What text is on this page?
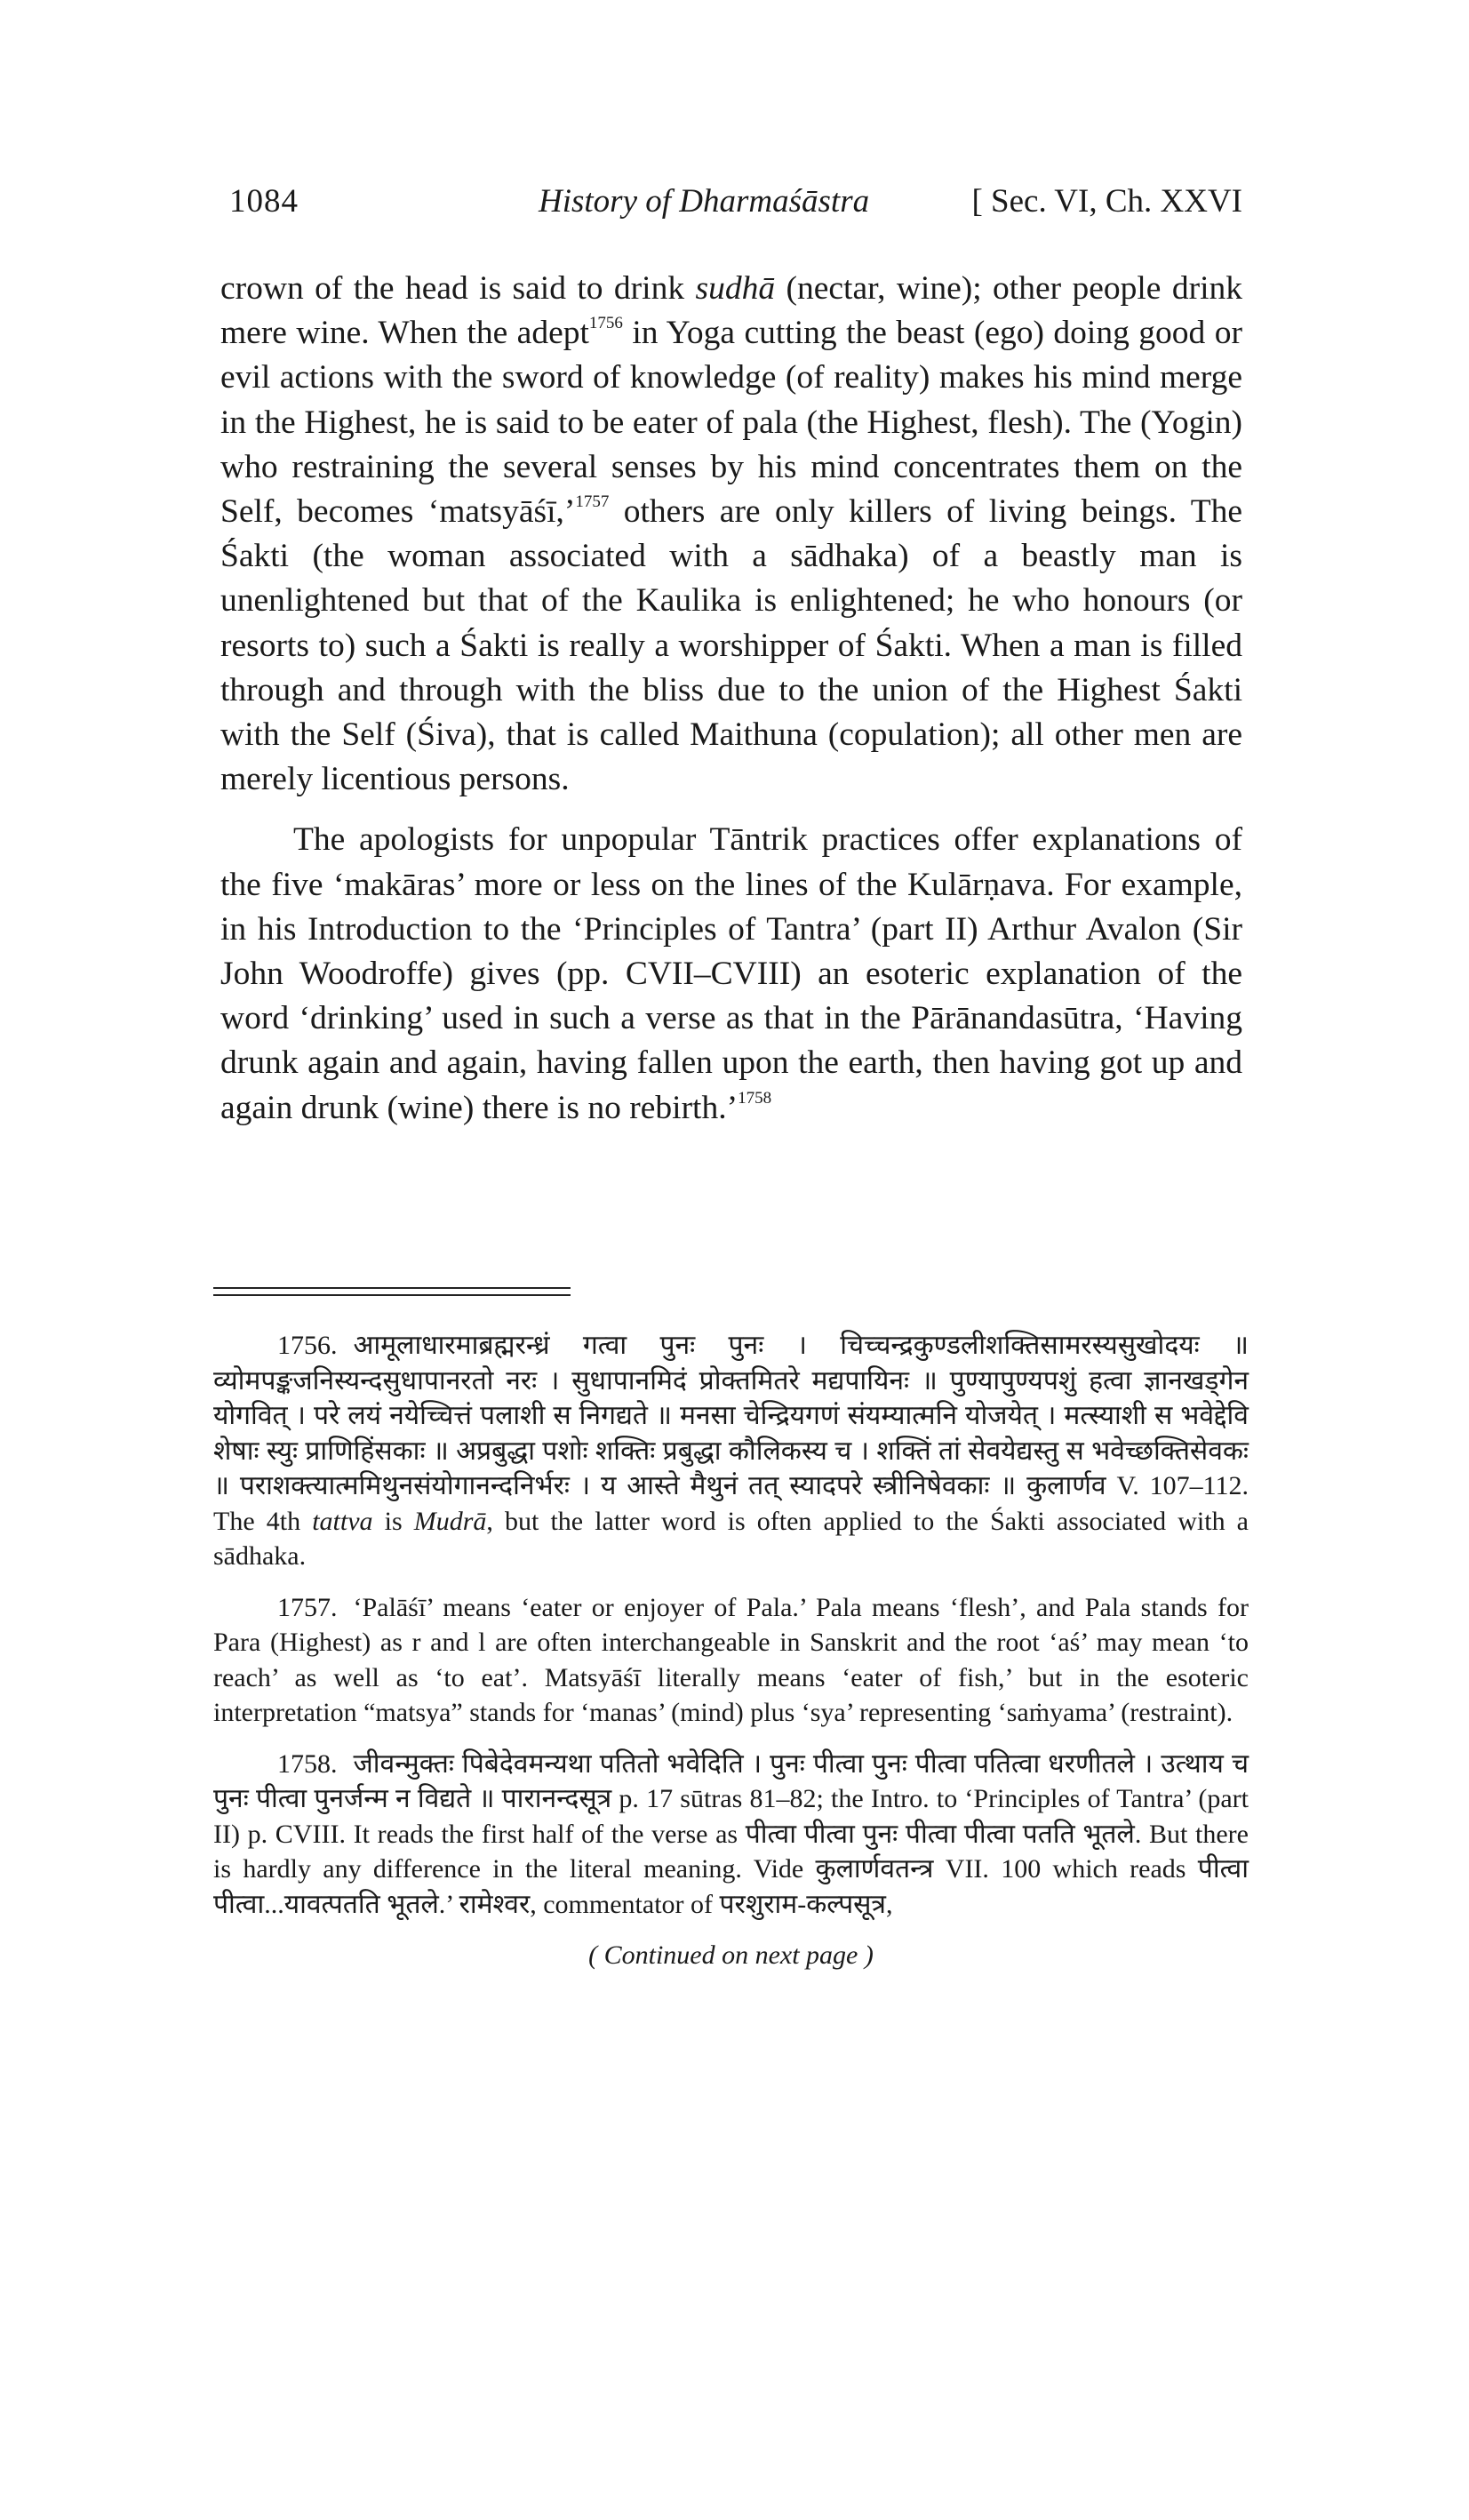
1084	History of Dharmaśāstra	[ Sec. VI, Ch. XXVI

crown of the head is said to drink sudhā (nectar, wine); other people drink mere wine. When the adept$^{1756}$ in Yoga cutting the beast (ego) doing good or evil actions with the sword of knowledge (of reality) makes his mind merge in the Highest, he is said to be eater of pala (the Highest, flesh). The (Yogin) who restraining the several senses by his mind concentrates them on the Self, becomes ‘matsyāśī,’$^{1757}$ others are only killers of living beings. The Śakti (the woman associated with a sādhaka) of a beastly man is unenlightened but that of the Kaulika is enlightened; he who honours (or resorts to) such a Śakti is really a worshipper of Śakti. When a man is filled through and through with the bliss due to the union of the Highest Śakti with the Self (Śiva), that is called Maithuna (copulation); all other men are merely licentious persons.

The apologists for unpopular Tāntrik practices offer explanations of the five ‘makāras’ more or less on the lines of the Kulārṇava. For example, in his Introduction to the ‘Principles of Tantra’ (part II) Arthur Avalon (Sir John Woodroffe) gives (pp. CVII–CVIII) an esoteric explanation of the word ‘drinking’ used in such a verse as that in the Pārānandasūtra, ‘Having drunk again and again, having fallen upon the earth, then having got up and again drunk (wine) there is no rebirth.’$^{1758}$

1756. आमूलाधारमाब्रह्मरन्ध्रं गत्वा पुनः पुनः । चिच्चन्द्रकुण्डलीशक्तिसामरस्यसुखोदयः ॥ व्योमपङ्कजनिस्यन्दसुधापानरतो नरः । सुधापानमिदं प्रोक्तमितरे मद्यपायिनः ॥ पुण्यापुण्यपशुं हत्वा ज्ञानखड्गेन योगवित् । परे लयं नयेच्चित्तं पलाशी स निगद्यते ॥ मनसा चेन्द्रियगणं संयम्यात्मनि योजयेत् । मत्स्याशी स भवेद्देवि शेषाः स्युः प्राणिहिंसकाः ॥ अप्रबुद्धा पशोः शक्तिः प्रबुद्धा कौलिकस्य च । शक्तिं तां सेवयेद्यस्तु स भवेच्छक्तिसेवकः ॥ पराशक्त्यात्ममिथुनसंयोगानन्दनिर्भरः । य आस्ते मैथुनं तत् स्यादपरे स्त्रीनिषेवकाः ॥ कुलार्णव V. 107–112. The 4th tattva is Mudrā, but the latter word is often applied to the Śakti associated with a sādhaka.

1757. ‘Palāśī’ means ‘eater or enjoyer of Pala.’ Pala means ‘flesh’, and Pala stands for Para (Highest) as r and l are often interchangeable in Sanskrit and the root ‘aś’ may mean ‘to reach’ as well as ‘to eat’. Matsyāśī literally means ‘eater of fish,’ but in the esoteric interpretation “matsya” stands for ‘manas’ (mind) plus ‘sya’ representing ‘saṁyama’ (restraint).

1758. जीवन्मुक्तः पिबेदेवमन्यथा पतितो भवेदिति । पुनः पीत्वा पुनः पीत्वा पतित्वा धरणीतले । उत्थाय च पुनः पीत्वा पुनर्जन्म न विद्यते ॥ पारानन्दसूत्र p. 17 sūtras 81–82; the Intro. to ‘Principles of Tantra’ (part II) p. CVIII. It reads the first half of the verse as पीत्वा पीत्वा पुनः पीत्वा पीत्वा पतति भूतले. But there is hardly any difference in the literal meaning. Vide कुलार्णवतन्त्र VII. 100 which reads पीत्वा पीत्वा...यावत्पतति भूतले.’ रामेश्वर, commentator of परशुराम-कल्पसूत्र,

( Continued on next page )
